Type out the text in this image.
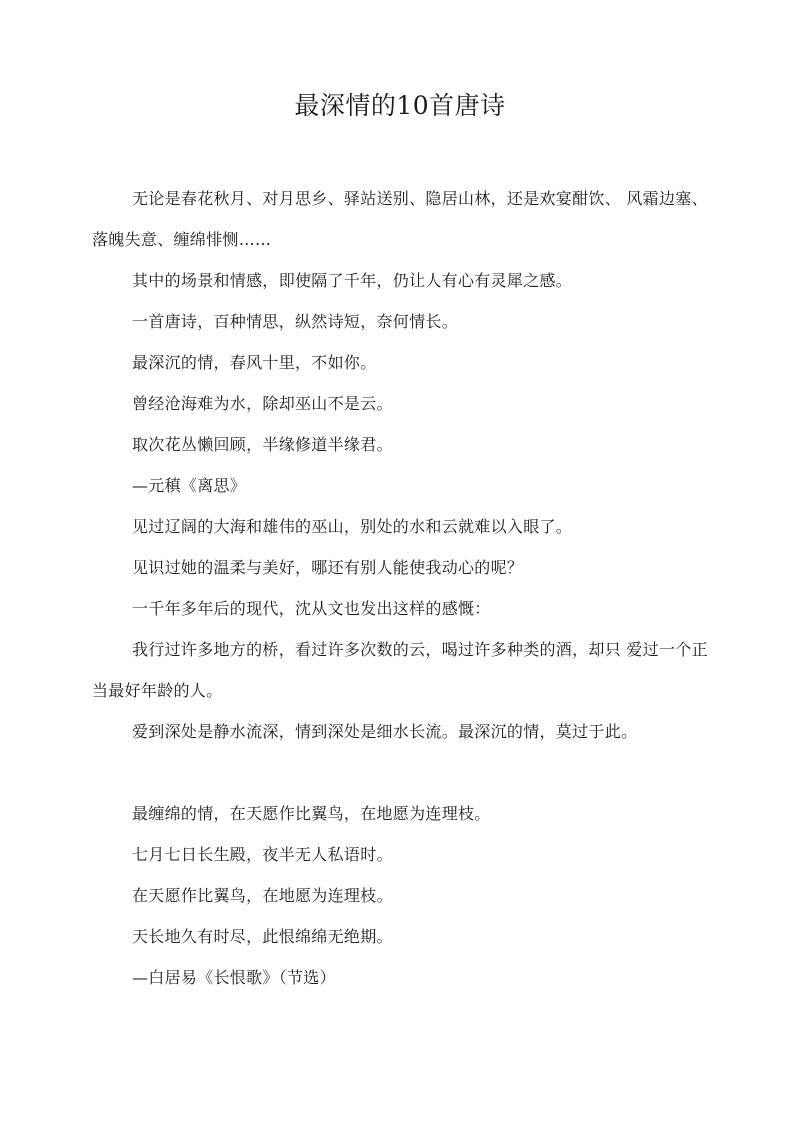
最深情的10首唐诗

无论是春花秋月、对月思乡、驿站送别、隐居山林，还是欢宴酣饮、 风霜边塞、落魄失意、缠绵悱恻……

其中的场景和情感，即使隔了千年，仍让人有心有灵犀之感。

一首唐诗，百种情思，纵然诗短，奈何情长。

最深沉的情，春风十里，不如你。

曾经沧海难为水，除却巫山不是云。

取次花丛懒回顾，半缘修道半缘君。

—元稹《离思》

见过辽阔的大海和雄伟的巫山，别处的水和云就难以入眼了。

见识过她的温柔与美好，哪还有别人能使我动心的呢？

一千年多年后的现代，沈从文也发出这样的感慨：

我行过许多地方的桥，看过许多次数的云，喝过许多种类的酒，却只 爱过一个正当最好年龄的人。

爱到深处是静水流深，情到深处是细水长流。最深沉的情，莫过于此。

最缠绵的情，在天愿作比翼鸟，在地愿为连理枝。

七月七日长生殿，夜半无人私语时。

在天愿作比翼鸟，在地愿为连理枝。

天长地久有时尽，此恨绵绵无绝期。

—白居易《长恨歌》（节选）
